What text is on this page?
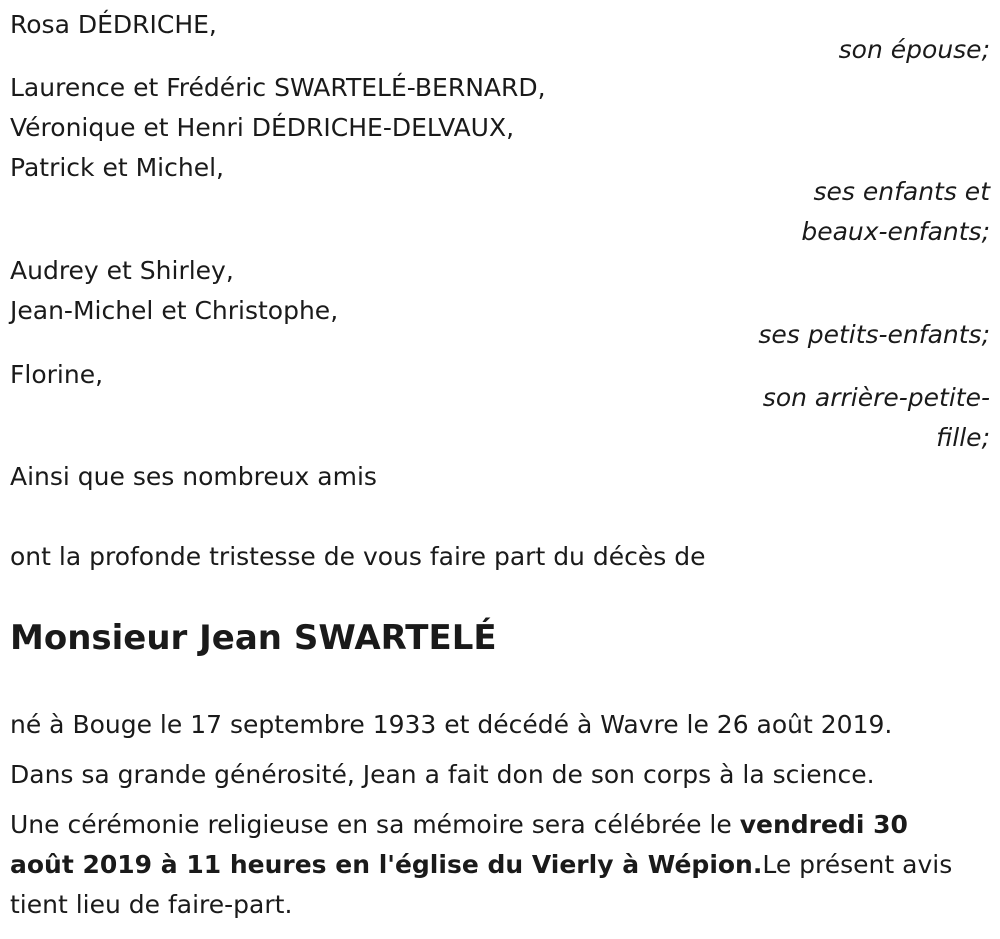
Rosa DÉDRICHE,
son épouse;
Laurence et Frédéric SWARTELÉ-BERNARD,
Véronique et Henri DÉDRICHE-DELVAUX,
Patrick et Michel,
ses enfants et
beaux-enfants;
Audrey et Shirley,
Jean-Michel et Christophe,
ses petits-enfants;
Florine,
son arrière-petite-
fille;
Ainsi que ses nombreux amis
ont la profonde tristesse de vous faire part du décès de
Monsieur Jean SWARTELÉ
né à Bouge le 17 septembre 1933 et décédé à Wavre le 26 août 2019.
Dans sa grande générosité, Jean a fait don de son corps à la science.
Une cérémonie religieuse en sa mémoire sera célébrée le vendredi 30 août 2019 à 11 heures en l'église du Vierly à Wépion.Le présent avis tient lieu de faire-part.
